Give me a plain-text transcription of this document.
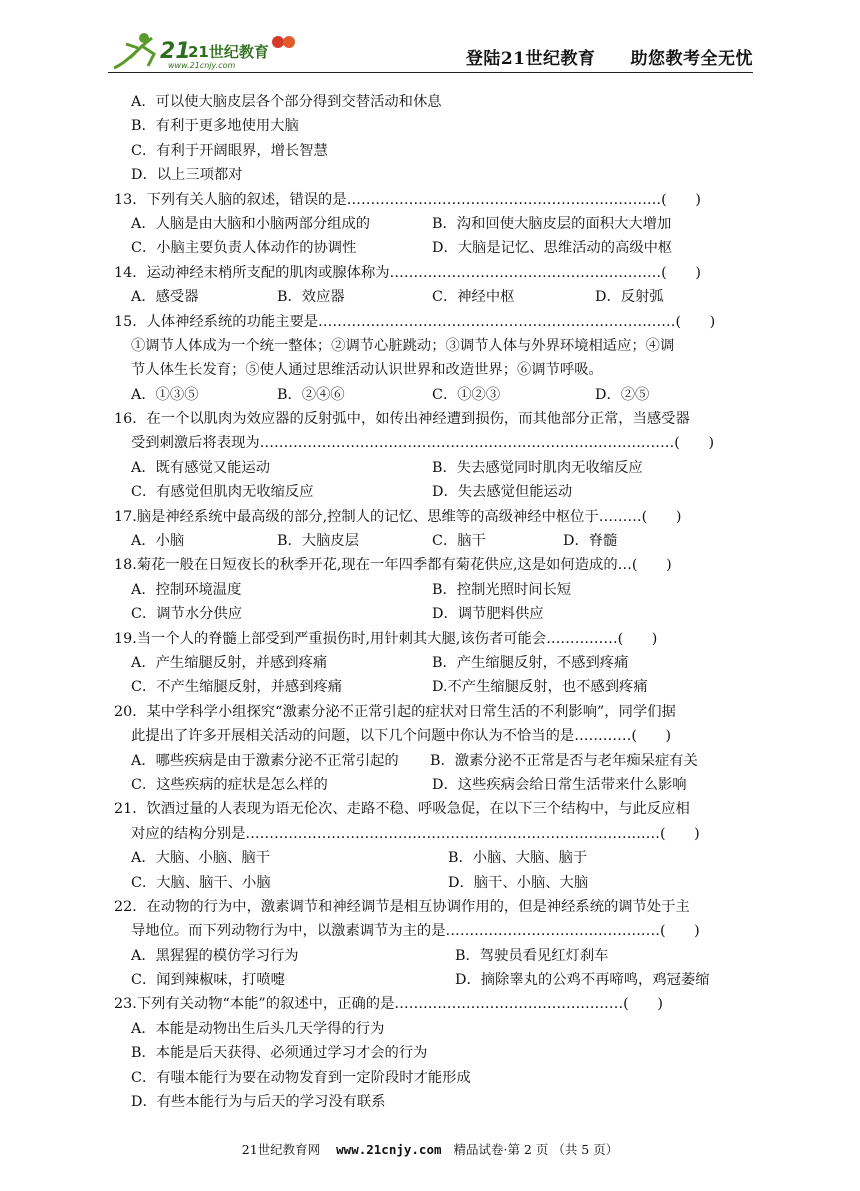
21
21世纪教育
www.21cnjy.com	登陆21世纪教育　　助您教考全无忧
A．可以使大脑皮层各个部分得到交替活动和休息
B．有利于更多地使用大脑
C．有利于开阔眼界，增长智慧
D．以上三项都对
13．下列有关人脑的叙述，错误的是…………………………………………………………(　　)
A．人脑是由大脑和小脑两部分组成的	B．沟和回使大脑皮层的面积大大增加
C．小脑主要负责人体动作的协调性	D．大脑是记忆、思维活动的高级中枢
14．运动神经末梢所支配的肌肉或腺体称为…………………………………………………(　　)
A．感受器	B．效应器	C．神经中枢	D．反射弧
15．人体神经系统的功能主要是…………………………………………………………………(　　)
①调节人体成为一个统一整体；②调节心脏跳动；③调节人体与外界环境相适应；④调
节人体生长发育；⑤使人通过思维活动认识世界和改造世界；⑥调节呼吸。
A．①③⑤	B．②④⑥	C．①②③	D．②⑤
16．在一个以肌肉为效应器的反射弧中，如传出神经遭到损伤，而其他部分正常，当感受器
受到刺激后将表现为……………………………………………………………………………(　　)
A．既有感觉又能运动	B．失去感觉同时肌肉无收缩反应
C．有感觉但肌肉无收缩反应	D．失去感觉但能运动
17.脑是神经系统中最高级的部分,控制人的记忆、思维等的高级神经中枢位于………(　　)
A．小脑	B．大脑皮层	C．脑干	D．脊髓
18.菊花一般在日短夜长的秋季开花,现在一年四季都有菊花供应,这是如何造成的…(　　)
A．控制环境温度	B．控制光照时间长短
C．调节水分供应	D．调节肥料供应
19.当一个人的脊髓上部受到严重损伤时,用针刺其大腿,该伤者可能会……………(　　)
A．产生缩腿反射，并感到疼痛	B．产生缩腿反射，不感到疼痛
C．不产生缩腿反射，并感到疼痛	D.不产生缩腿反射，也不感到疼痛
20．某中学科学小组探究“激素分泌不正常引起的症状对日常生活的不利影响”，同学们据
此提出了许多开展相关活动的问题，以下几个问题中你认为不恰当的是…………(　　)
A．哪些疾病是由于激素分泌不正常引起的 B．激素分泌不正常是否与老年痴呆症有关
C．这些疾病的症状是怎么样的	D．这些疾病会给日常生活带来什么影响
21．饮酒过量的人表现为语无伦次、走路不稳、呼吸急促，在以下三个结构中，与此反应相
对应的结构分别是……………………………………………………………………………(　　)
A．大脑、小脑、脑干	B．小脑、大脑、脑于
C．大脑、脑干、小脑	D．脑干、小脑、大脑
22．在动物的行为中，激素调节和神经调节是相互协调作用的，但是神经系统的调节处于主
导地位。而下列动物行为中，以激素调节为主的是………………………………………(　　)
A．黑猩猩的模仿学习行为	B．驾驶员看见红灯刹车
C．闻到辣椒味，打喷嚏	D．摘除睾丸的公鸡不再啼鸣，鸡冠萎缩
23.下列有关动物“本能”的叙述中，正确的是…………………………………………(　　)
A．本能是动物出生后头几天学得的行为
B．本能是后天获得、必须通过学习才会的行为
C．有嗤本能行为要在动物发育到一定阶段时才能形成
D．有些本能行为与后天的学习没有联系
21世纪教育网 www.21cnjy.com 精品试卷·第 2 页 （共 5 页）
